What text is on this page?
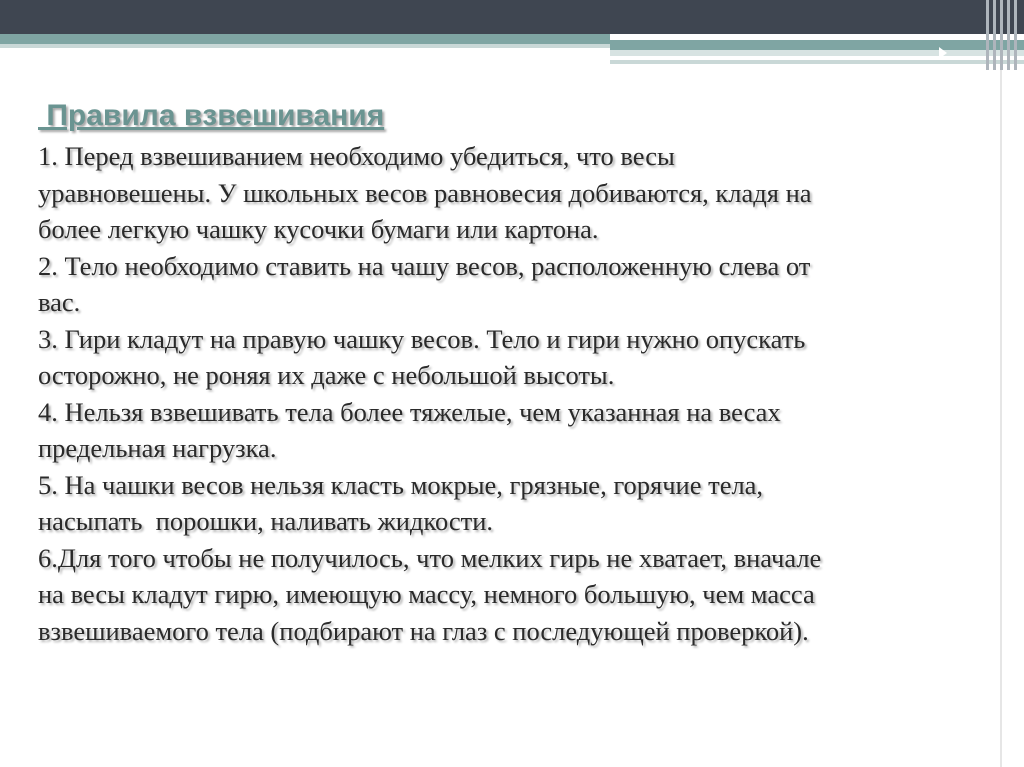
Правила взвешивания

1. Перед взвешиванием необходимо убедиться, что весы

уравновешены. У школьных весов равновесия добиваются, кладя на

более легкую чашку кусочки бумаги или картона.

2. Тело необходимо ставить на чашу весов, расположенную слева от

вас.

3. Гири кладут на правую чашку весов. Тело и гири нужно опускать

осторожно, не роняя их даже с небольшой высоты.

4. Нельзя взвешивать тела более тяжелые, чем указанная на весах

предельная нагрузка.

5. На чашки весов нельзя класть мокрые, грязные, горячие тела,

насыпать  порошки, наливать жидкости.

6.Для того чтобы не получилось, что мелких гирь не хватает, вначале

на весы кладут гирю, имеющую массу, немного большую, чем масса

взвешиваемого тела (подбирают на глаз с последующей проверкой).
